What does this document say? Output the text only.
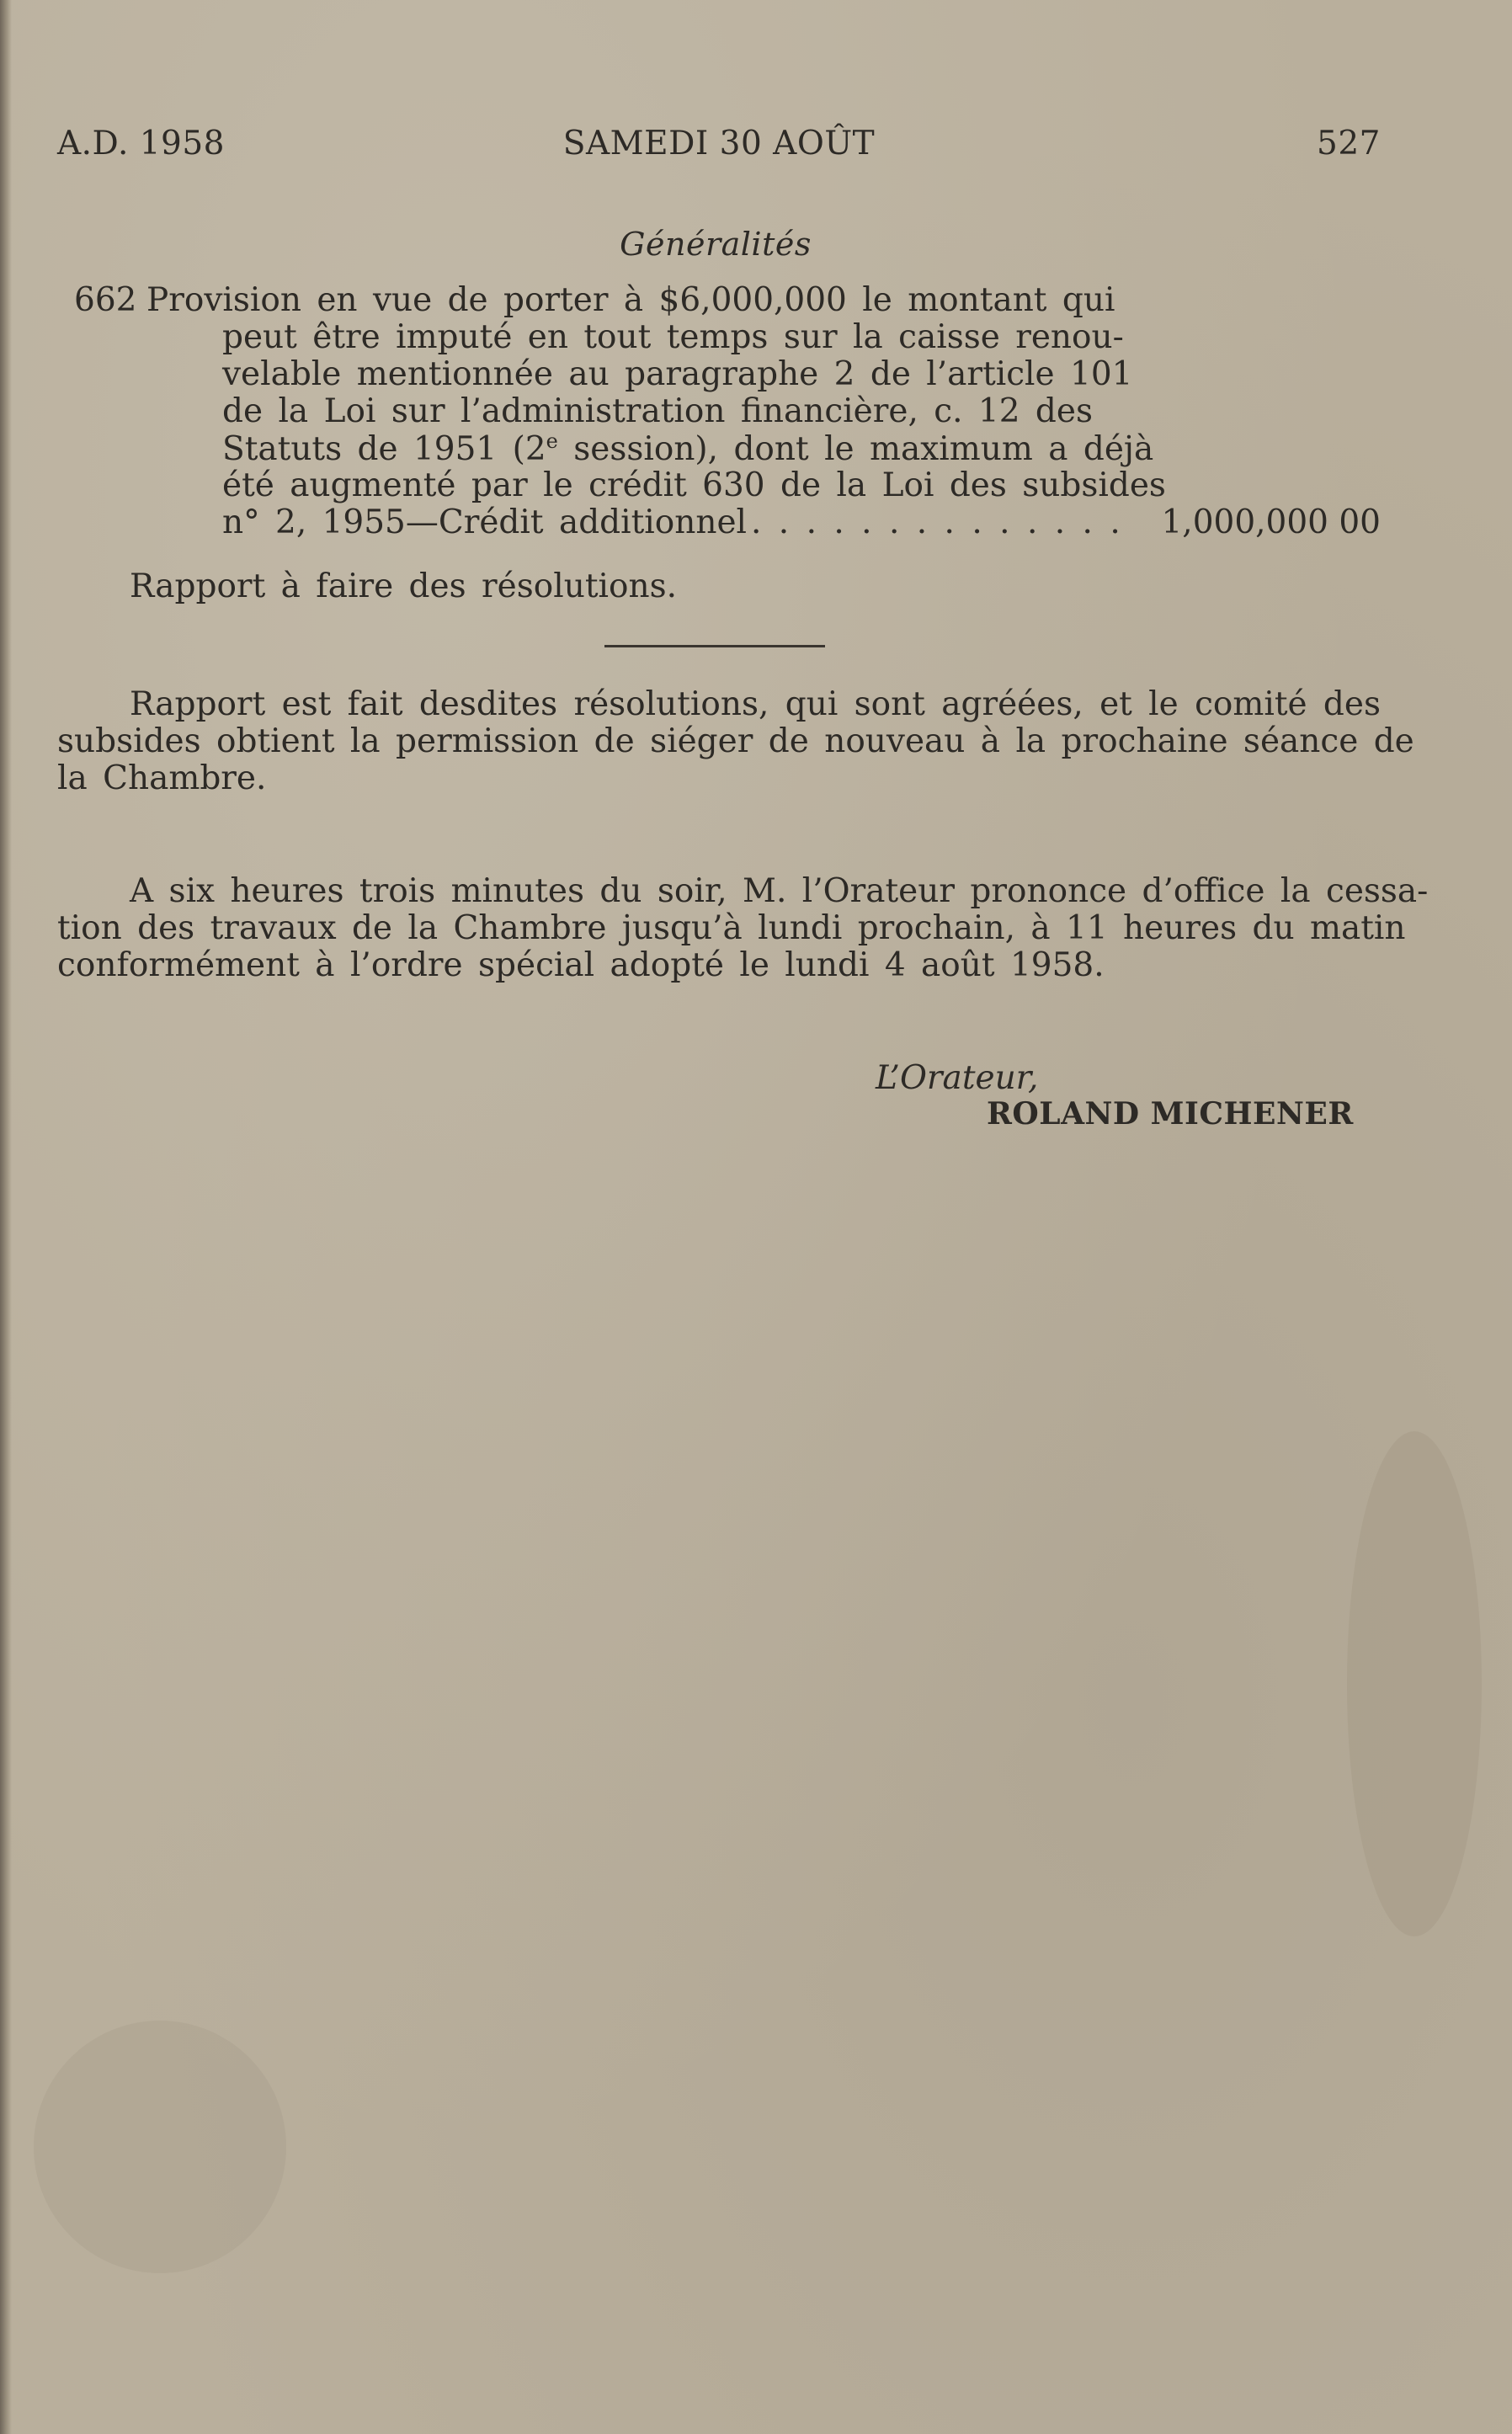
A.D. 1958	SAMEDI 30 AOÛT	527
Généralités
662 Provision en vue de porter à $6,000,000 le montant qui
peut être imputé en tout temps sur la caisse renou-
velable mentionnée au paragraphe 2 de l’article 101
de la Loi sur l’administration financière, c. 12 des
Statuts de 1951 (2e session), dont le maximum a déjà
été augmenté par le crédit 630 de la Loi des subsides
n° 2, 1955—Crédit additionnel . . . . . . . . . . . . . . 1,000,000 00
Rapport à faire des résolutions.
Rapport est fait desdites résolutions, qui sont agréées, et le comité des
subsides obtient la permission de siéger de nouveau à la prochaine séance de
la Chambre.
A six heures trois minutes du soir, M. l’Orateur prononce d’office la cessa-
tion des travaux de la Chambre jusqu’à lundi prochain, à 11 heures du matin
conformément à l’ordre spécial adopté le lundi 4 août 1958.
L’Orateur,
ROLAND MICHENER
